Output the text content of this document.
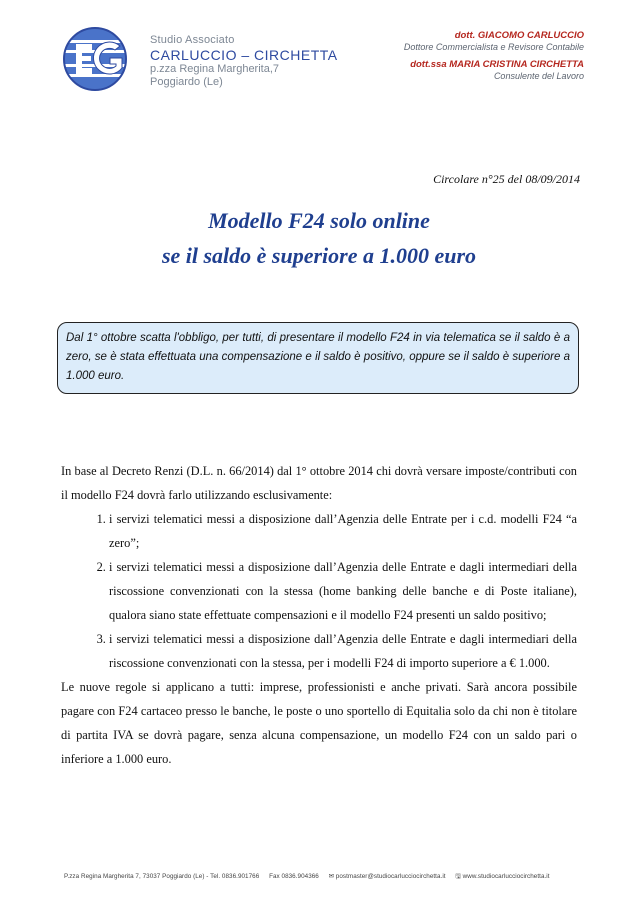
Studio Associato
CARLUCCIO – CIRCHETTA
p.zza Regina Margherita,7
Poggiardo (Le)
dott. GIACOMO CARLUCCIO
Dottore Commercialista e Revisore Contabile
dott.ssa MARIA CRISTINA CIRCHETTA
Consulente del Lavoro
Circolare n°25 del 08/09/2014
Modello F24 solo online
se il saldo è superiore a 1.000 euro
Dal 1° ottobre scatta l'obbligo, per tutti, di presentare il modello F24 in via telematica se il saldo è a zero, se è stata effettuata una compensazione e il saldo è positivo, oppure se il saldo è superiore a 1.000 euro.

In base al Decreto Renzi (D.L. n. 66/2014) dal 1° ottobre 2014 chi dovrà versare imposte/contributi con il modello F24 dovrà farlo utilizzando esclusivamente:

1. i servizi telematici messi a disposizione dall’Agenzia delle Entrate per i c.d. modelli F24 “a zero”;
2. i servizi telematici messi a disposizione dall’Agenzia delle Entrate e dagli intermediari della riscossione convenzionati con la stessa (home banking delle banche e di Poste italiane), qualora siano state effettuate compensazioni e il modello F24 presenti un saldo positivo;
3. i servizi telematici messi a disposizione dall’Agenzia delle Entrate e dagli intermediari della riscossione convenzionati con la stessa, per i modelli F24 di importo superiore a € 1.000.

Le nuove regole si applicano a tutti: imprese, professionisti e anche privati. Sarà ancora possibile pagare con F24 cartaceo presso le banche, le poste o uno sportello di Equitalia solo da chi non è titolare di partita IVA se dovrà pagare, senza alcuna compensazione, un modello F24 con un saldo pari o inferiore a 1.000 euro.

P.zza Regina Margherita 7, 73037 Poggiardo (Le) - Tel. 0836.901766 Fax 0836.904366 ✉ postmaster@studiocarlucciocirchetta.it 🖫 www.studiocarlucciocirchetta.it
